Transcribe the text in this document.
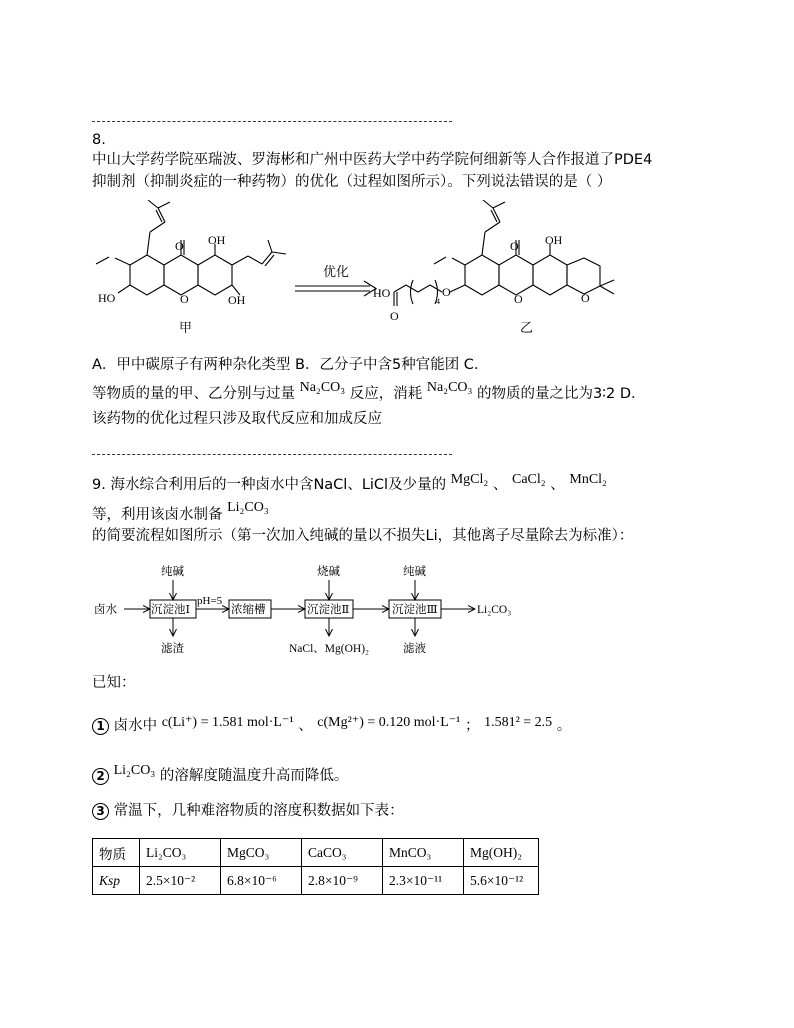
8.
中山大学药学院巫瑞波、罗海彬和广州中医药大学中药学院何细新等人合作报道了PDE4
抑制剂（抑制炎症的一种药物）的优化（过程如图所示）。下列说法错误的是（ ）
O OH
HO	OH
O
O OH
O	O
O
HO
O
4
优化
甲	乙
A．甲中碳原子有两种杂化类型 B．乙分子中含5种官能团 C．
等物质的量的甲、乙分别与过量 Na₂CO₃ 反应，消耗 Na₂CO₃ 的物质的量之比为3∶2 D．
该药物的优化过程只涉及取代反应和加成反应
9. 海水综合利用后的一种卤水中含NaCl、LiCl及少量的 MgCl₂ 、 CaCl₂ 、 MnCl₂
等，利用该卤水制备 Li₂CO₃
的简要流程如图所示（第一次加入纯碱的量以不损失Li，其他离子尽量除去为标准）：
卤水	沉淀池Ⅰ
pH=5
浓缩槽	沉淀池Ⅱ	沉淀池Ⅲ	Li₂CO₃
纯碱	烧碱	纯碱
滤渣	NaCl、Mg(OH)₂	滤液
已知：
1 卤水中 c(Li⁺) = 1.581 mol·L⁻¹ 、 c(Mg²⁺) = 0.120 mol·L⁻¹ ； 1.581² = 2.5 。
2 Li₂CO₃ 的溶解度随温度升高而降低。
3 常温下，几种难溶物质的溶度积数据如下表：
物质	Li₂CO₃	MgCO₃	CaCO₃	MnCO₃	Mg(OH)₂
Ksp	2.5×10⁻²	6.8×10⁻⁶	2.8×10⁻⁹	2.3×10⁻¹¹	5.6×10⁻¹²
